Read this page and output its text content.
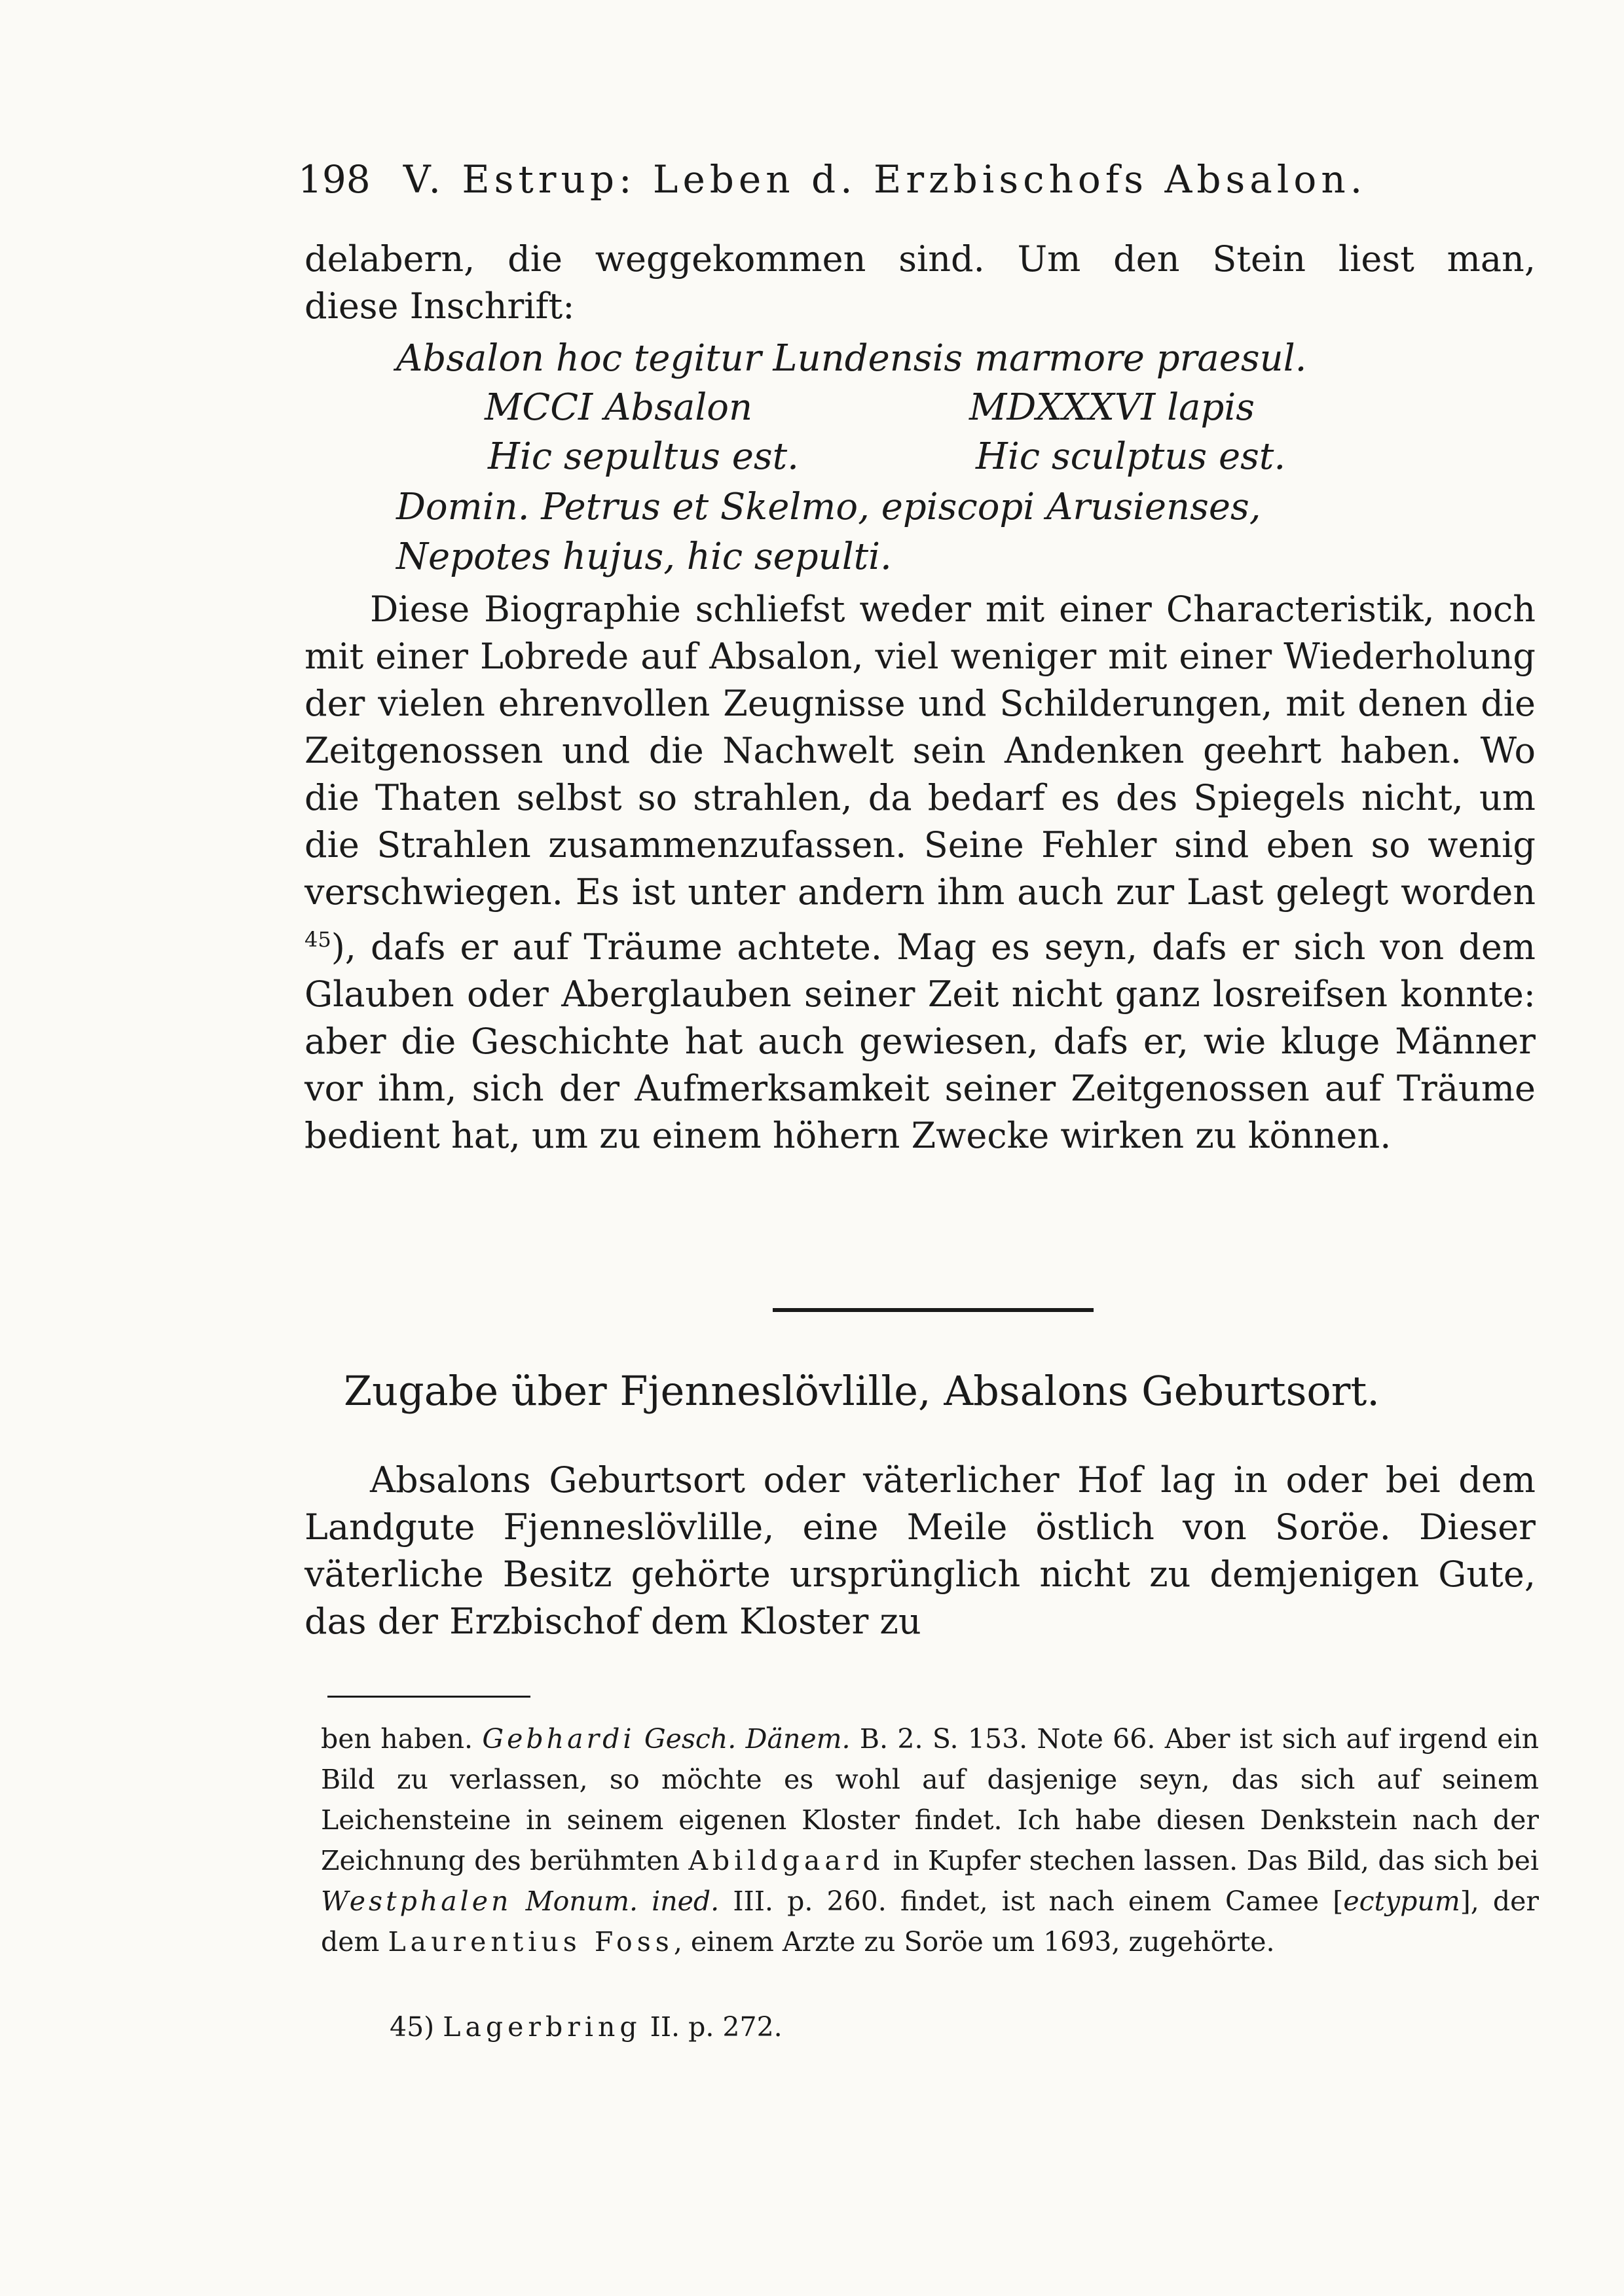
198 V. Estrup: Leben d. Erzbischofs Absalon.

delabern, die weggekommen sind. Um den Stein liest man,

diese Inschrift:

Absalon hoc tegitur Lundensis marmore praesul.
MCCI Absalon	MDXXXVI lapis
Hic sepultus est.	Hic sculptus est.
Domin. Petrus et Skelmo, episcopi Arusienses,
Nepotes hujus, hic sepulti.

Diese Biographie schliefst weder mit einer Characteristik, noch mit einer Lobrede auf Absalon, viel weniger mit einer Wiederholung der vielen ehrenvollen Zeugnisse und Schilderungen, mit denen die Zeitgenossen und die Nachwelt sein Andenken geehrt haben. Wo die Thaten selbst so strahlen, da bedarf es des Spiegels nicht, um die Strahlen zusammenzufassen. Seine Fehler sind eben so wenig verschwiegen. Es ist unter andern ihm auch zur Last gelegt worden $^{45}$), dafs er auf Träume achtete. Mag es seyn, dafs er sich von dem Glauben oder Aberglauben seiner Zeit nicht ganz losreifsen konnte: aber die Geschichte hat auch gewiesen, dafs er, wie kluge Männer vor ihm, sich der Aufmerksamkeit seiner Zeitgenossen auf Träume bedient hat, um zu einem höhern Zwecke wirken zu können.

Zugabe über Fjenneslövlille, Absalons Geburtsort.

Absalons Geburtsort oder väterlicher Hof lag in oder bei dem Landgute Fjenneslövlille, eine Meile östlich von Soröe. Dieser väterliche Besitz gehörte ursprünglich nicht zu demjenigen Gute, das der Erzbischof dem Kloster zu

ben haben. Gebhardi Gesch. Dänem. B. 2. S. 153. Note 66. Aber ist sich auf irgend ein Bild zu verlassen, so möchte es wohl auf dasjenige seyn, das sich auf seinem Leichensteine in seinem eigenen Kloster findet. Ich habe diesen Denkstein nach der Zeichnung des berühmten Abildgaard in Kupfer stechen lassen. Das Bild, das sich bei Westphalen Monum. ined. III. p. 260. findet, ist nach einem Camee [ectypum], der dem Laurentius Foss, einem Arzte zu Soröe um 1693, zugehörte.

45) Lagerbring II. p. 272.
